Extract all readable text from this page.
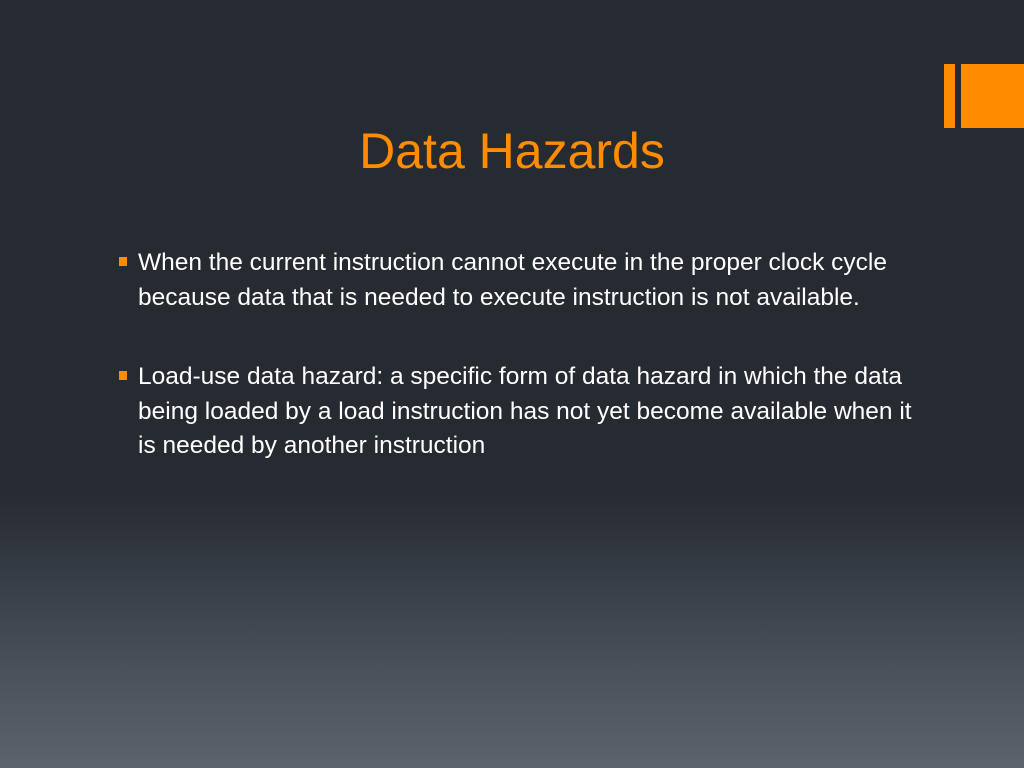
Data Hazards
When the current instruction cannot execute in the proper clock cycle because data that is needed to execute instruction is not available.
Load-use data hazard: a specific form of data hazard in which the data being loaded by a load instruction has not yet become available when it is needed by another instruction
